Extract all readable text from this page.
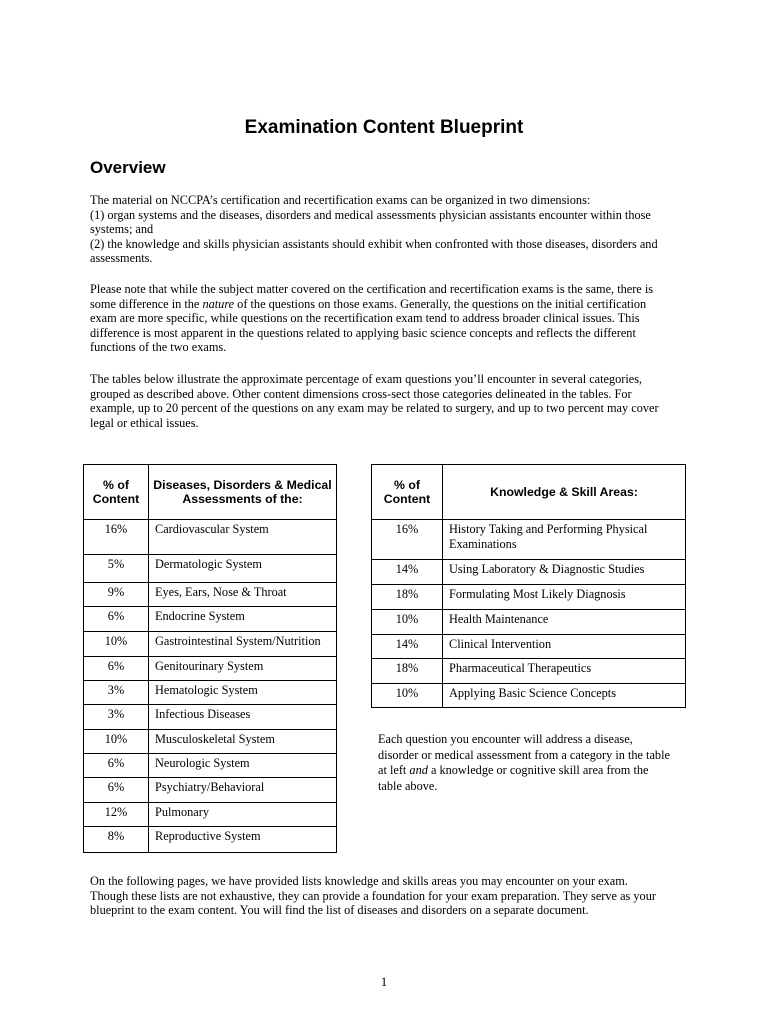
Examination Content Blueprint
Overview

The material on NCCPA’s certification and recertification exams can be organized in two dimensions:
(1) organ systems and the diseases, disorders and medical assessments physician assistants encounter within those
systems; and
(2) the knowledge and skills physician assistants should exhibit when confronted with those diseases, disorders and
assessments.

Please note that while the subject matter covered on the certification and recertification exams is the same, there is
some difference in the nature of the questions on those exams. Generally, the questions on the initial certification
exam are more specific, while questions on the recertification exam tend to address broader clinical issues. This
difference is most apparent in the questions related to applying basic science concepts and reflects the different
functions of the two exams.

The tables below illustrate the approximate percentage of exam questions you’ll encounter in several categories,
grouped as described above. Other content dimensions cross-sect those categories delineated in the tables. For
example, up to 20 percent of the questions on any exam may be related to surgery, and up to two percent may cover
legal or ethical issues.

% of Content	Diseases, Disorders & Medical Assessments of the:
16%	Cardiovascular System
5%	Dermatologic System
9%	Eyes, Ears, Nose & Throat
6%	Endocrine System
10%	Gastrointestinal System/Nutrition
6%	Genitourinary System
3%	Hematologic System
3%	Infectious Diseases
10%	Musculoskeletal System
6%	Neurologic System
6%	Psychiatry/Behavioral
12%	Pulmonary
8%	Reproductive System
% of Content	Knowledge & Skill Areas:
16%	History Taking and Performing Physical Examinations
14%	Using Laboratory & Diagnostic Studies
18%	Formulating Most Likely Diagnosis
10%	Health Maintenance
14%	Clinical Intervention
18%	Pharmaceutical Therapeutics
10%	Applying Basic Science Concepts

Each question you encounter will address a disease,
disorder or medical assessment from a category in the table
at left and a knowledge or cognitive skill area from the
table above.

On the following pages, we have provided lists knowledge and skills areas you may encounter on your exam.
Though these lists are not exhaustive, they can provide a foundation for your exam preparation. They serve as your
blueprint to the exam content. You will find the list of diseases and disorders on a separate document.

1
